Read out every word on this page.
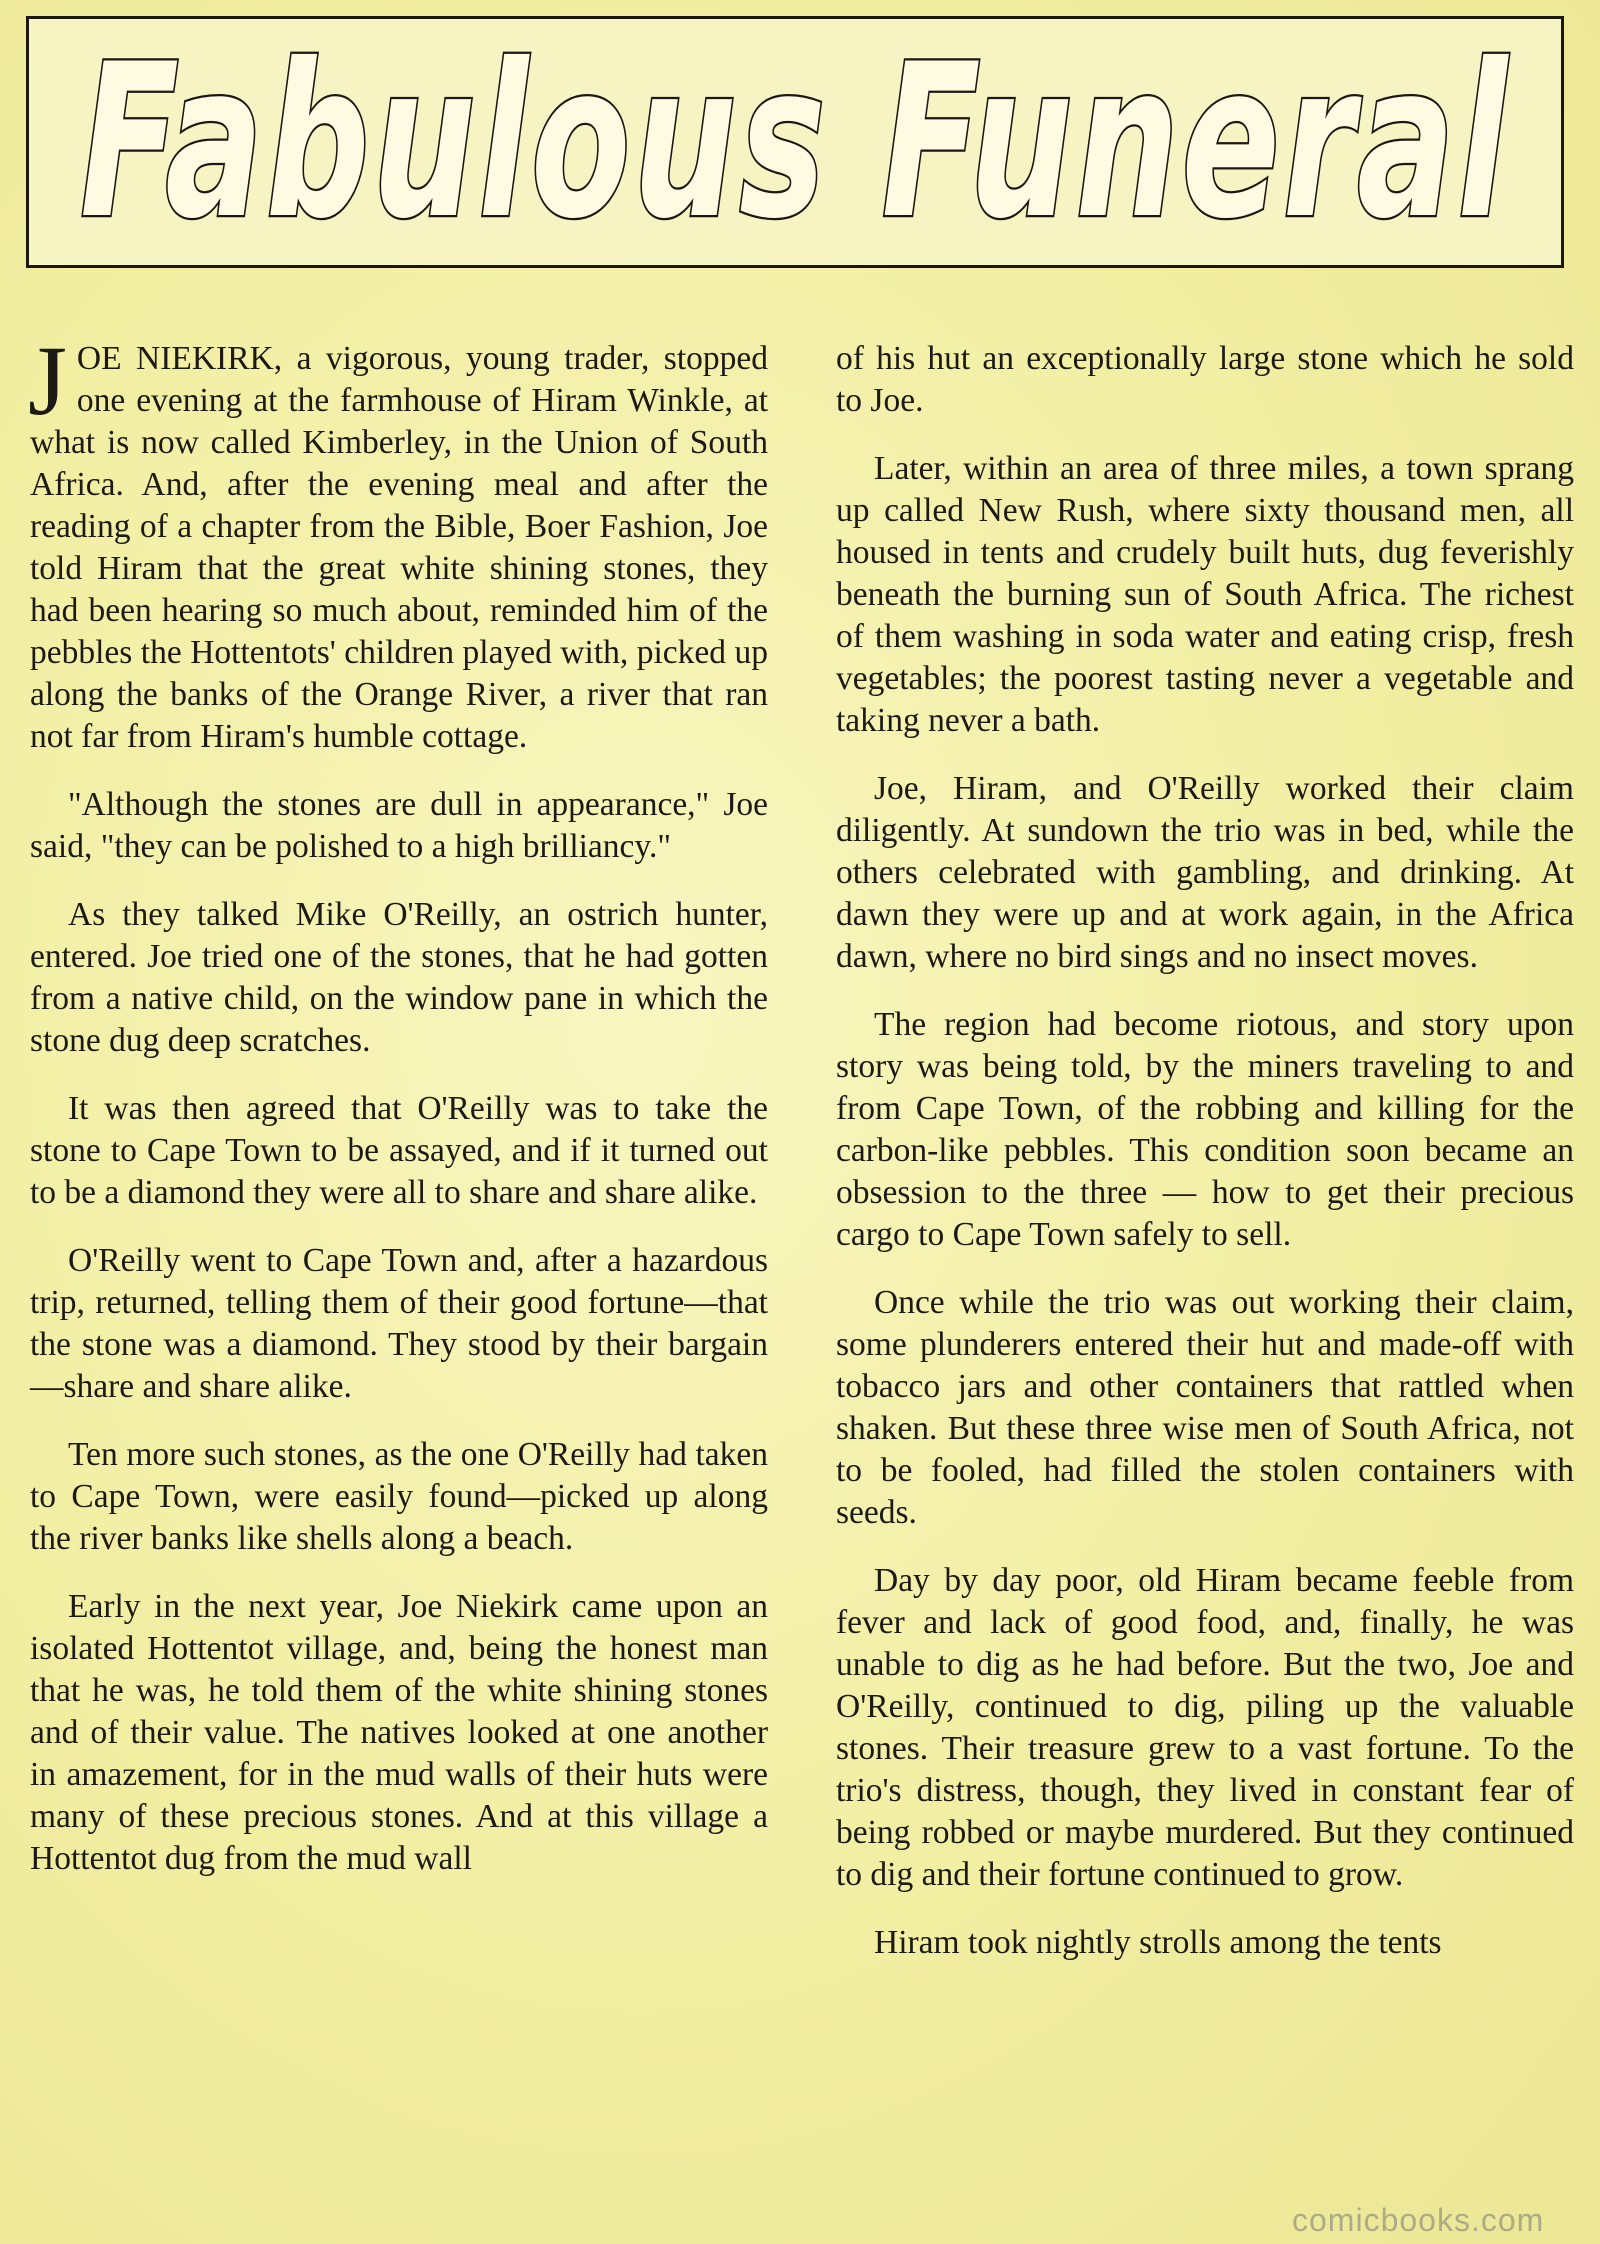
Fabulous Funeral

JOE NIEKIRK, a vigorous, young trader, stopped one evening at the farmhouse of Hiram Winkle, at what is now called Kimberley, in the Union of South Africa. And, after the evening meal and after the reading of a chapter from the Bible, Boer Fashion, Joe told Hiram that the great white shining stones, they had been hearing so much about, reminded him of the pebbles the Hottentots' children played with, picked up along the banks of the Orange River, a river that ran not far from Hiram's humble cottage.

"Although the stones are dull in appearance," Joe said, "they can be polished to a high brilliancy."

As they talked Mike O'Reilly, an ostrich hunter, entered. Joe tried one of the stones, that he had gotten from a native child, on the window pane in which the stone dug deep scratches.

It was then agreed that O'Reilly was to take the stone to Cape Town to be assayed, and if it turned out to be a diamond they were all to share and share alike.

O'Reilly went to Cape Town and, after a hazardous trip, returned, telling them of their good fortune—that the stone was a diamond. They stood by their bargain—share and share alike.

Ten more such stones, as the one O'Reilly had taken to Cape Town, were easily found—picked up along the river banks like shells along a beach.

Early in the next year, Joe Niekirk came upon an isolated Hottentot village, and, being the honest man that he was, he told them of the white shining stones and of their value. The natives looked at one another in amazement, for in the mud walls of their huts were many of these precious stones. And at this village a Hottentot dug from the mud wall

of his hut an exceptionally large stone which he sold to Joe.

Later, within an area of three miles, a town sprang up called New Rush, where sixty thousand men, all housed in tents and crudely built huts, dug feverishly beneath the burning sun of South Africa. The richest of them washing in soda water and eating crisp, fresh vegetables; the poorest tasting never a vegetable and taking never a bath.

Joe, Hiram, and O'Reilly worked their claim diligently. At sundown the trio was in bed, while the others celebrated with gambling, and drinking. At dawn they were up and at work again, in the Africa dawn, where no bird sings and no insect moves.

The region had become riotous, and story upon story was being told, by the miners traveling to and from Cape Town, of the robbing and killing for the carbon-like pebbles. This condition soon became an obsession to the three — how to get their precious cargo to Cape Town safely to sell.

Once while the trio was out working their claim, some plunderers entered their hut and made-off with tobacco jars and other containers that rattled when shaken. But these three wise men of South Africa, not to be fooled, had filled the stolen containers with seeds.

Day by day poor, old Hiram became feeble from fever and lack of good food, and, finally, he was unable to dig as he had before. But the two, Joe and O'Reilly, continued to dig, piling up the valuable stones. Their treasure grew to a vast fortune. To the trio's distress, though, they lived in constant fear of being robbed or maybe murdered. But they continued to dig and their fortune continued to grow.

Hiram took nightly strolls among the tents

comicbooks.com
